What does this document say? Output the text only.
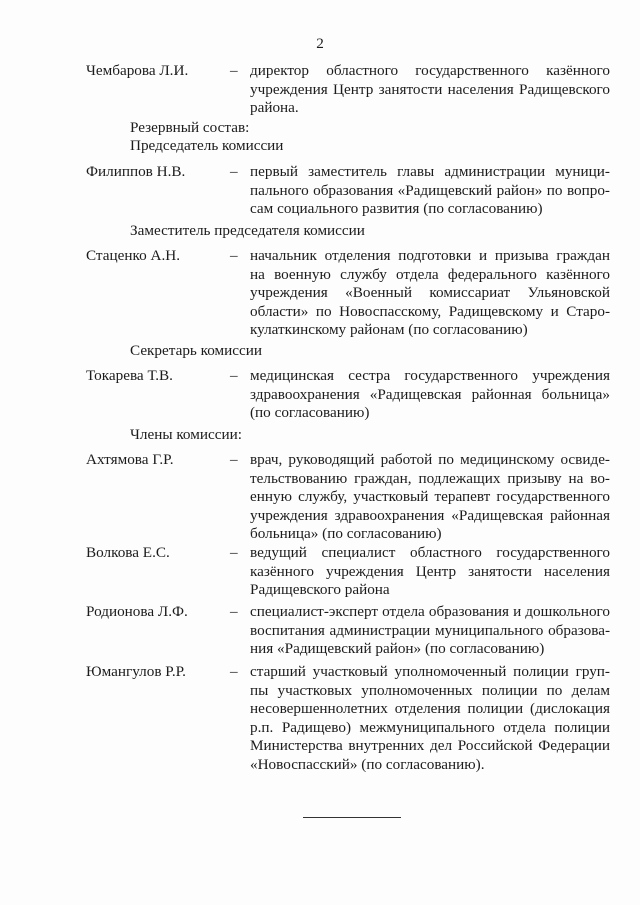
2
Чембарова Л.И.	– директор областного государственного казённого
учреждения Центр занятости населения Радищевского
района.
Резервный состав:
Председатель комиссии
Филиппов Н.В.	– первый заместитель главы администрации муници-
пального образования «Радищевский район» по вопро-
сам социального развития (по согласованию)
Заместитель председателя комиссии
Стаценко А.Н.	– начальник отделения подготовки и призыва граждан
на военную службу отдела федерального казённого
учреждения «Военный комиссариат Ульяновской
области» по Новоспасскому, Радищевскому и Старо-
кулаткинскому районам (по согласованию)
Секретарь комиссии
Токарева Т.В.	– медицинская сестра государственного учреждения
здравоохранения «Радищевская районная больница»
(по согласованию)
Члены комиссии:
Ахтямова Г.Р.	– врач, руководящий работой по медицинскому освиде-
тельствованию граждан, подлежащих призыву на во-
енную службу, участковый терапевт государственного
учреждения здравоохранения «Радищевская районная
больница» (по согласованию)
Волкова Е.С.	– ведущий специалист областного государственного
казённого учреждения Центр занятости населения
Радищевского района
Родионова Л.Ф.	– специалист-эксперт отдела образования и дошкольного
воспитания администрации муниципального образова-
ния «Радищевский район» (по согласованию)
Юмангулов Р.Р.	– старший участковый уполномоченный полиции груп-
пы участковых уполномоченных полиции по делам
несовершеннолетних отделения полиции (дислокация
р.п. Радищево) межмуниципального отдела полиции
Министерства внутренних дел Российской Федерации
«Новоспасский» (по согласованию).
